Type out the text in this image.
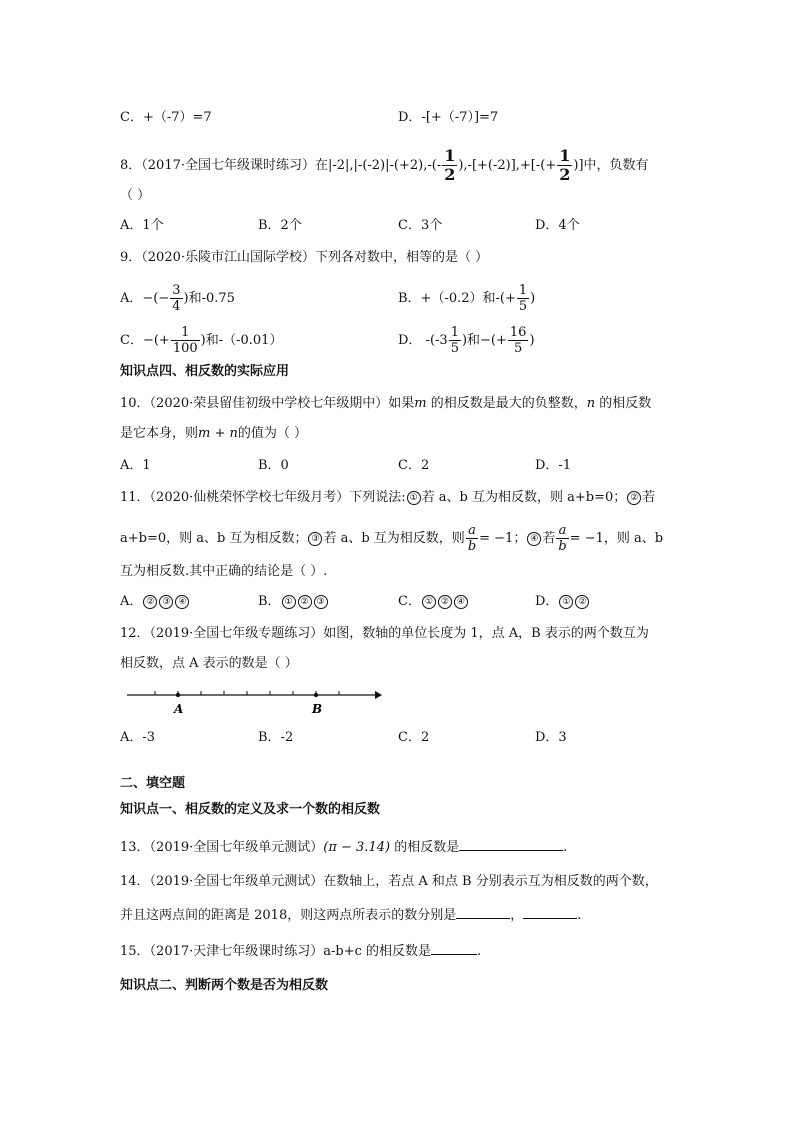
C．+（-7）=7	D．-[+（-7）]=7
8．（2017·全国七年级课时练习）在$|-2|,|-(-2)|-(+2),-(- \frac{1}{2} ),-[+(-2)],+[-(+ \frac{1}{2}$ )]中，负数有
（ ）
A．1个	B．2个	C．3个	D．4个
9．（2020·乐陵市江山国际学校）下列各对数中，相等的是（ ）
A．−(− $\frac{3}{4}$ )和-0.75	B．+（-0.2）和-(+ $\frac{1}{5}$ )
C．−(+ $\frac{1}{100}$ )和-（-0.01）	D． $-(-3 \frac{1}{5}$ )和−(+ $\frac{16}{5}$ )
知识点四、相反数的实际应用
10．（2020·荣县留佳初级中学校七年级期中）如果m 的相反数是最大的负整数，n 的相反数
是它本身，则m + n的值为（ ）
A．1	B．0	C．2	D．-1
11．（2020·仙桃荣怀学校七年级月考）下列说法: ① 若 a、b 互为相反数，则 a+b=0； ② 若
a+b=0，则 a、b 互为相反数； ③ 若 a、b 互为相反数，则 $\frac{a}{b} = -1$； ④ 若 $\frac{a}{b} = -1$，则 a、b
互为相反数.其中正确的结论是（ ）.
A． ② ③ ④	B． ① ② ③	C． ① ② ④	D． ① ②
12．（2019·全国七年级专题练习）如图，数轴的单位长度为 1，点 A，B 表示的两个数互为
相反数，点 A 表示的数是（ ）
A	B
A．-3	B．-2	C．2	D．3
二、填空题
知识点一、相反数的定义及求一个数的相反数
13．（2019·全国七年级单元测试）(π − 3.14) 的相反数是	.
14．（2019·全国七年级单元测试）在数轴上，若点 A 和点 B 分别表示互为相反数的两个数，
并且这两点间的距离是 2018，则这两点所表示的数分别是	，	.
15．（2017·天津七年级课时练习）a-b+c 的相反数是	.
知识点二、判断两个数是否为相反数
